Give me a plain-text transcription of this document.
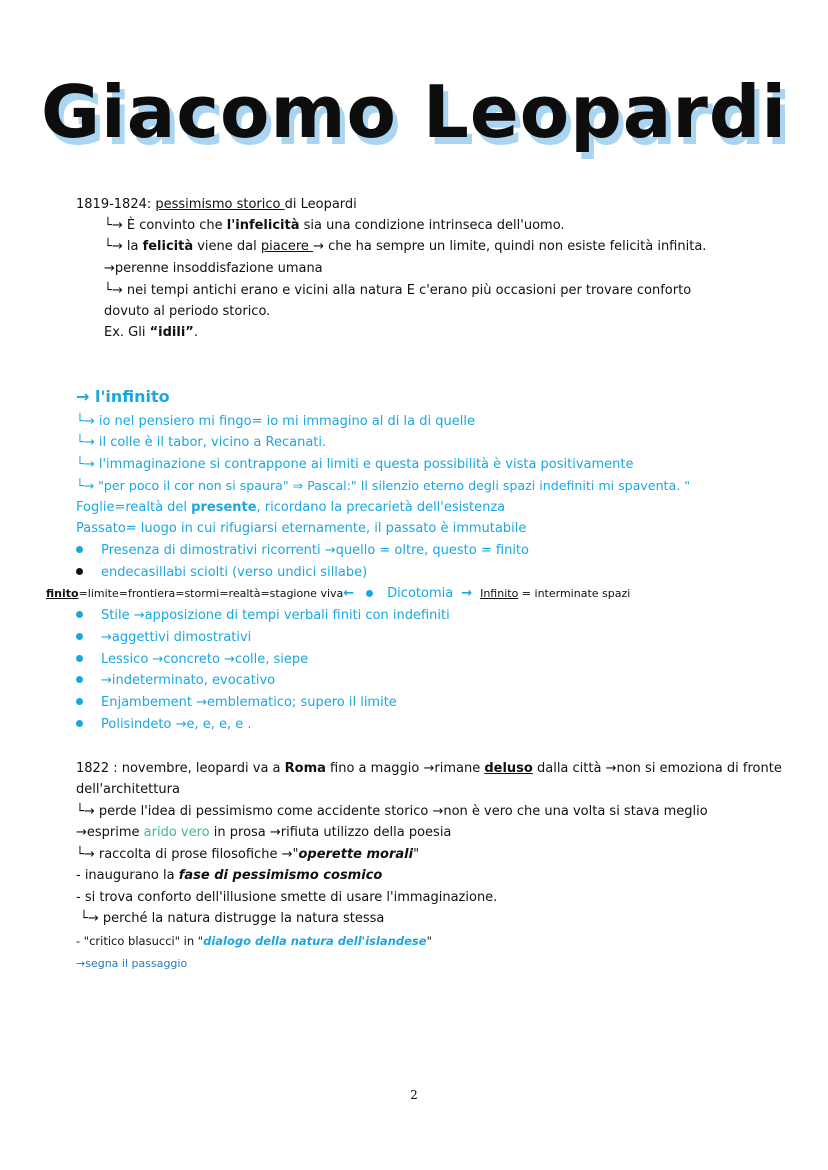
Giacomo Leopardi
1819-1824: pessimismo storico di Leopardi
└→ È convinto che l'infelicità sia una condizione intrinseca dell'uomo.
└→ la felicità viene dal piacere → che ha sempre un limite, quindi non esiste felicità infinita.
→perenne insoddisfazione umana
└→ nei tempi antichi erano e vicini alla natura E c'erano più occasioni per trovare conforto
dovuto al periodo storico.
Ex. Gli “idili”.
→ l'infinito
└→ io nel pensiero mi fingo= io mi immagino al di la di quelle
└→ il colle è il tabor, vicino a Recanati.
└→ l'immaginazione si contrappone ai limiti e questa possibilità è vista positivamente
└→ "per poco il cor non si spaura" ⇒ Pascal:" Il silenzio eterno degli spazi indefiniti mi spaventa. "
Foglie=realtà del presente, ricordano la precarietà dell'esistenza
Passato= luogo in cui rifugiarsi eternamente, il passato è immutabile
Presenza di dimostrativi ricorrenti →quello = oltre, questo = finito
endecasillabi sciolti (verso undici sillabe)
finito=limite=frontiera=stormi=realtà=stagione viva←	Dicotomia → Infinito = interminate spazi
Stile →apposizione di tempi verbali finiti con indefiniti
→aggettivi dimostrativi
Lessico →concreto →colle, siepe
→indeterminato, evocativo
Enjambement →emblematico; supero il limite
Polisindeto →e, e, e, e .
1822 : novembre, leopardi va a Roma fino a maggio →rimane deluso dalla città →non si emoziona di fronte
dell'architettura
└→ perde l'idea di pessimismo come accidente storico →non è vero che una volta si stava meglio
→esprime arido vero in prosa →rifiuta utilizzo della poesia
└→ raccolta di prose filosofiche →"operette morali"
- inaugurano la fase di pessimismo cosmico
- si trova conforto dell'illusione smette di usare l'immaginazione.
└→ perché la natura distrugge la natura stessa
- "critico blasucci" in "dialogo della natura dell'islandese"
→segna il passaggio
2
